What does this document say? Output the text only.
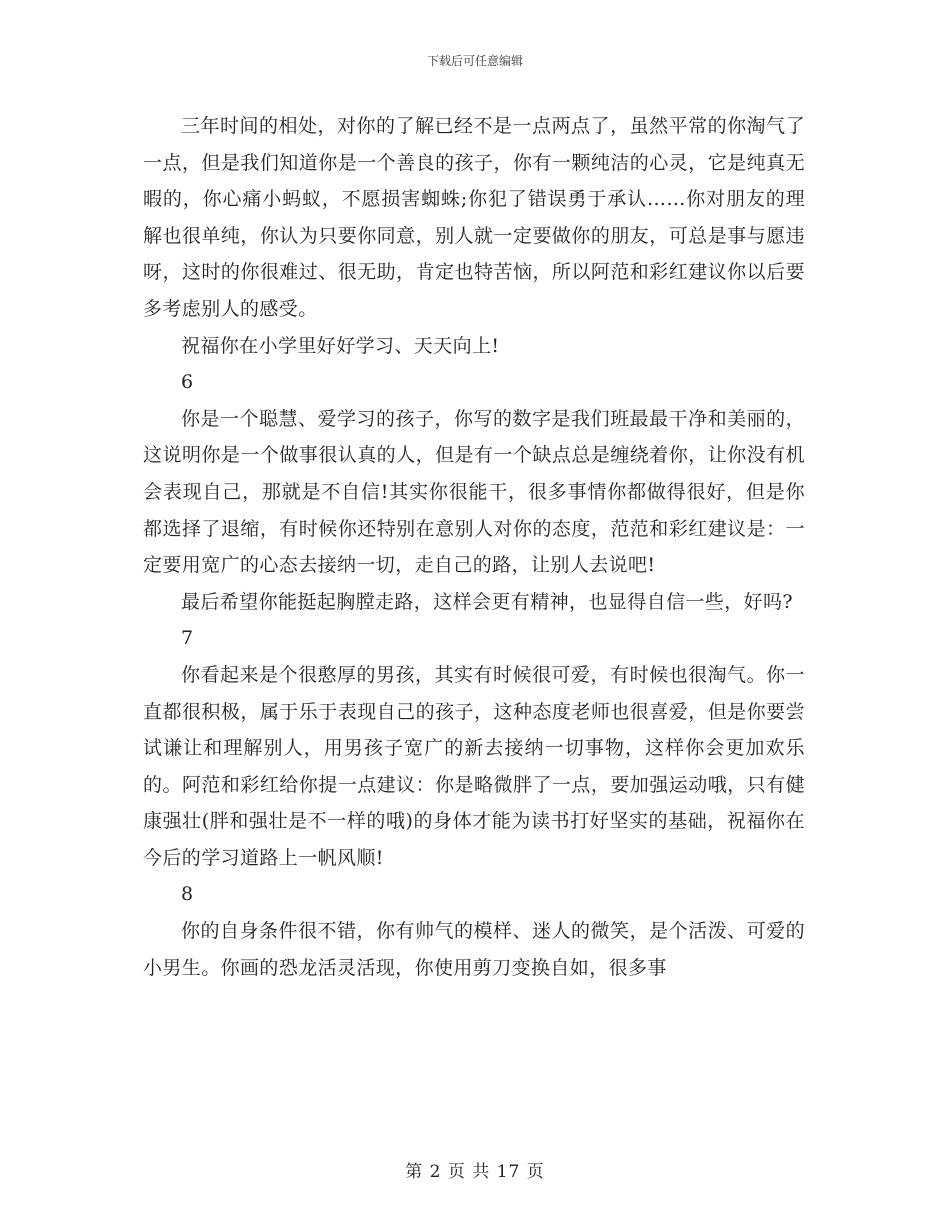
下载后可任意编辑

三年时间的相处，对你的了解已经不是一点两点了，虽然平常的你淘气了一点，但是我们知道你是一个善良的孩子，你有一颗纯洁的心灵，它是纯真无暇的，你心痛小蚂蚁，不愿损害蜘蛛;你犯了错误勇于承认……你对朋友的理解也很单纯，你认为只要你同意，别人就一定要做你的朋友，可总是事与愿违呀，这时的你很难过、很无助，肯定也特苦恼，所以阿范和彩红建议你以后要多考虑别人的感受。

祝福你在小学里好好学习、天天向上!

6

你是一个聪慧、爱学习的孩子，你写的数字是我们班最最干净和美丽的，这说明你是一个做事很认真的人，但是有一个缺点总是缠绕着你，让你没有机会表现自己，那就是不自信!其实你很能干，很多事情你都做得很好，但是你都选择了退缩，有时候你还特别在意别人对你的态度，范范和彩红建议是：一定要用宽广的心态去接纳一切，走自己的路，让别人去说吧!

最后希望你能挺起胸膛走路，这样会更有精神，也显得自信一些，好吗?

7

你看起来是个很憨厚的男孩，其实有时候很可爱，有时候也很淘气。你一直都很积极，属于乐于表现自己的孩子，这种态度老师也很喜爱，但是你要尝试谦让和理解别人，用男孩子宽广的新去接纳一切事物，这样你会更加欢乐的。阿范和彩红给你提一点建议：你是略微胖了一点，要加强运动哦，只有健康强壮(胖和强壮是不一样的哦)的身体才能为读书打好坚实的基础，祝福你在今后的学习道路上一帆风顺!

8

你的自身条件很不错，你有帅气的模样、迷人的微笑，是个活泼、可爱的小男生。你画的恐龙活灵活现，你使用剪刀变换自如，很多事

第 2 页 共 17 页
